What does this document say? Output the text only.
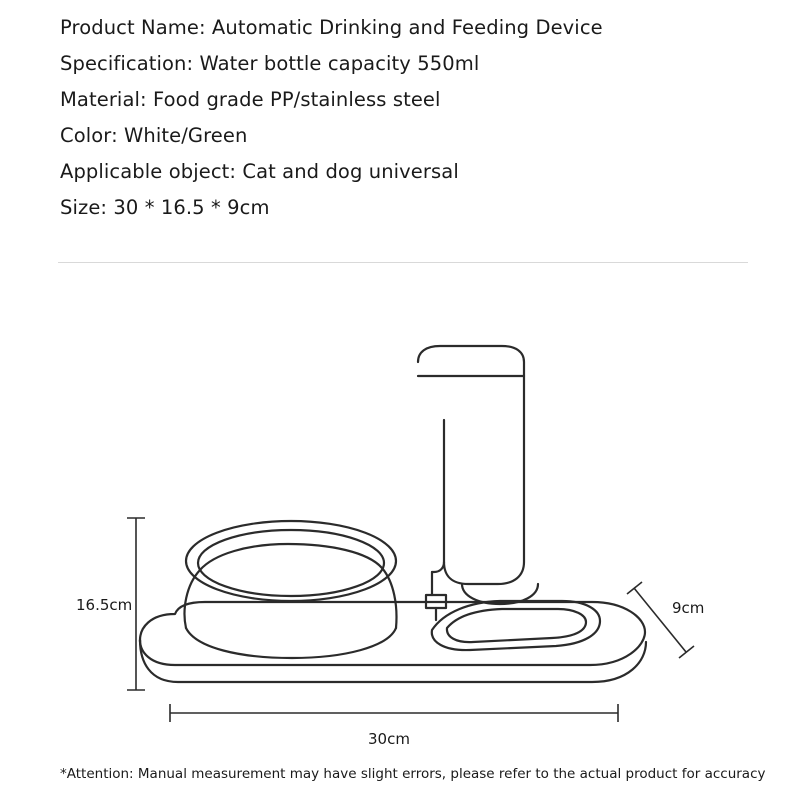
Product Name: Automatic Drinking and Feeding Device
Specification: Water bottle capacity 550ml
Material: Food grade PP/stainless steel
Color: White/Green
Applicable object: Cat and dog universal
Size: 30 * 16.5 * 9cm
16.5cm
30cm
9cm
*Attention: Manual measurement may have slight errors, please refer to the actual product for accuracy
